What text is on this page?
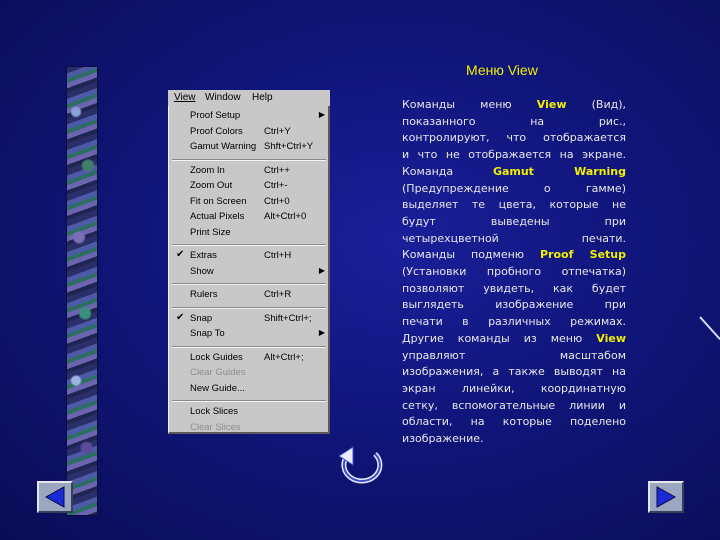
View Window Help
Proof Setup	▶
Proof Colors Ctrl+Y
Gamut Warning Shft+Ctrl+Y
Zoom In	Ctrl++
Zoom Out	Ctrl+-
Fit on Screen Ctrl+0
Actual Pixels Alt+Ctrl+0
Print Size
✔ Extras	Ctrl+H
Show	▶
Rulers	Ctrl+R
✔ Snap	Shift+Ctrl+;
Snap To	▶
Lock Guides Alt+Ctrl+;
Clear Guides
New Guide...
Lock Slices
Clear Slices
Меню View
Команды меню View (Вид),
показанного на рис.,
контролируют, что отображается
и что не отображается на экране.
Команда Gamut Warning
(Предупреждение о гамме)
выделяет те цвета, которые не
будут выведены при
четырехцветной печати.
Команды подменю Proof Setup
(Установки пробного отпечатка)
позволяют увидеть, как будет
выглядеть изображение при
печати в различных режимах.
Другие команды из меню View
управляют масштабом
изображения, а также выводят на
экран линейки, координатную
сетку, вспомогательные линии и
области, на которые поделено
изображение.
